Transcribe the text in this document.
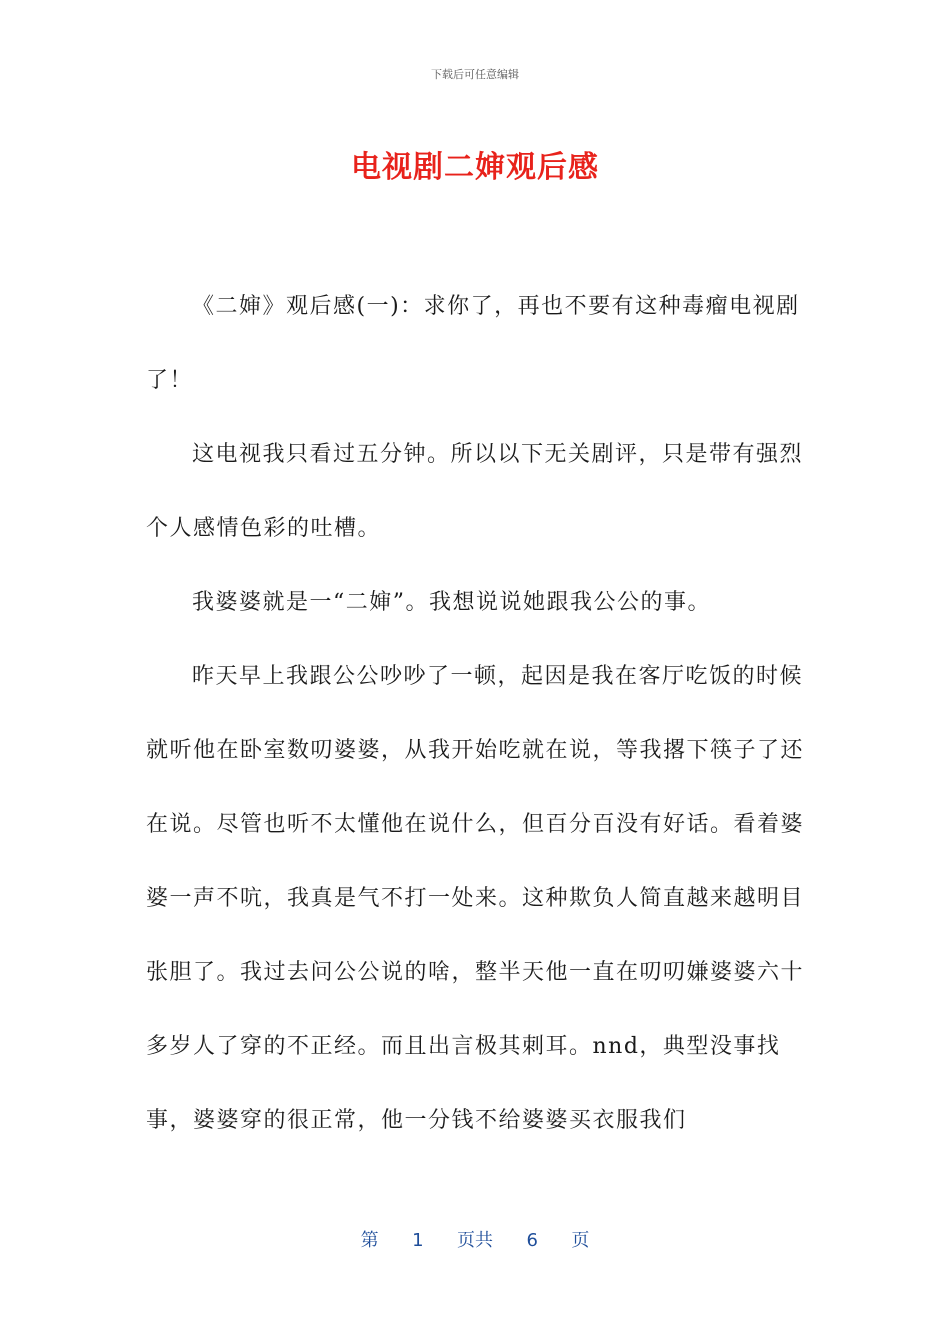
下载后可任意编辑
电视剧二婶观后感

《二婶》观后感(一)：求你了，再也不要有这种毒瘤电视剧了！

这电视我只看过五分钟。所以以下无关剧评，只是带有强烈个人感情色彩的吐槽。

我婆婆就是一“二婶”。我想说说她跟我公公的事。

昨天早上我跟公公吵吵了一顿，起因是我在客厅吃饭的时候就听他在卧室数叨婆婆，从我开始吃就在说，等我撂下筷子了还在说。尽管也听不太懂他在说什么，但百分百没有好话。看着婆婆一声不吭，我真是气不打一处来。这种欺负人简直越来越明目张胆了。我过去问公公说的啥，整半天他一直在叨叨嫌婆婆六十多岁人了穿的不正经。而且出言极其刺耳。nnd，典型没事找事，婆婆穿的很正常，他一分钱不给婆婆买衣服我们

第 1 页共 6 页
